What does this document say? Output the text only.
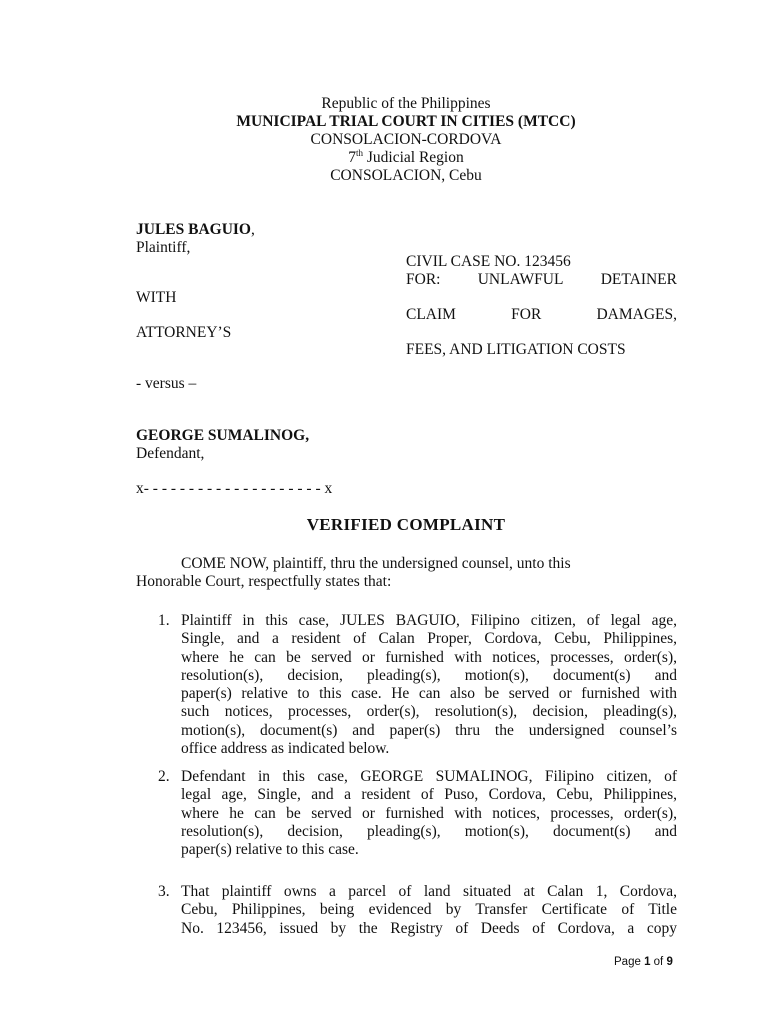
Republic of the Philippines
MUNICIPAL TRIAL COURT IN CITIES (MTCC)
CONSOLACION-CORDOVA
7th Judicial Region
CONSOLACION, Cebu
JULES BAGUIO,
Plaintiff,
WITH
ATTORNEY’S
- versus –
GEORGE SUMALINOG,
Defendant,
x- - - - - - - - - - - - - - - - - - - - x
CIVIL CASE NO. 123456
FOR: UNLAWFUL DETAINER
CLAIM	FOR	DAMAGES,
FEES, AND LITIGATION COSTS
VERIFIED COMPLAINT
COME NOW, plaintiff, thru the undersigned counsel, unto this
Honorable Court, respectfully states that:
1. Plaintiff in this case, JULES BAGUIO, Filipino citizen, of legal age,
Single, and a resident of Calan Proper, Cordova, Cebu, Philippines,
where he can be served or furnished with notices, processes, order(s),
resolution(s), decision, pleading(s), motion(s), document(s) and
paper(s) relative to this case. He can also be served or furnished with
such notices, processes, order(s), resolution(s), decision, pleading(s),
motion(s), document(s) and paper(s) thru the undersigned counsel’s
office address as indicated below.
2. Defendant in this case, GEORGE SUMALINOG, Filipino citizen, of
legal age, Single, and a resident of Puso, Cordova, Cebu, Philippines,
where he can be served or furnished with notices, processes, order(s),
resolution(s), decision, pleading(s), motion(s), document(s) and
paper(s) relative to this case.
3. That plaintiff owns a parcel of land situated at Calan 1, Cordova,
Cebu, Philippines, being evidenced by Transfer Certificate of Title
No. 123456, issued by the Registry of Deeds of Cordova, a copy
Page 1 of 9
